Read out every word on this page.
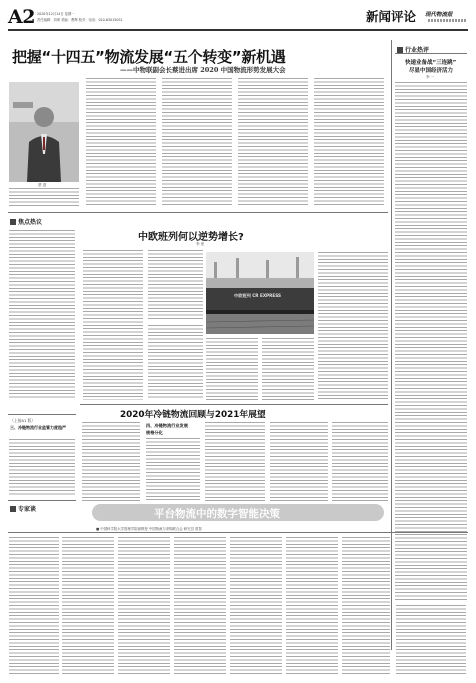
A2 2020年12月14日 星期一
责任编辑：刘翠 美编：曹辉 校对：电话：010-63015051	新闻评论 现代物流报
把握“十四五”物流发展“五个转变”新机遇
——中物联副会长蔡进出席 2020 中国物流形势发展大会
蔡 进
行业热评
快递业备战“三连跳”
尽显中国经济活力
李 一
焦点热议
中欧班列何以逆势增长?
李 里
中欧班列 CR EXPRESS
2020年冷链物流回顾与2021年展望
（上接A1 版）
三、冷链物流行业监管力度趋严	四、冷链物流行业发展
规格分化
专家谈	平台物流中的数字智能决策
■ 中国科学院大学管理学院副教授 中国物流与采购联合会 研究员 曾智
